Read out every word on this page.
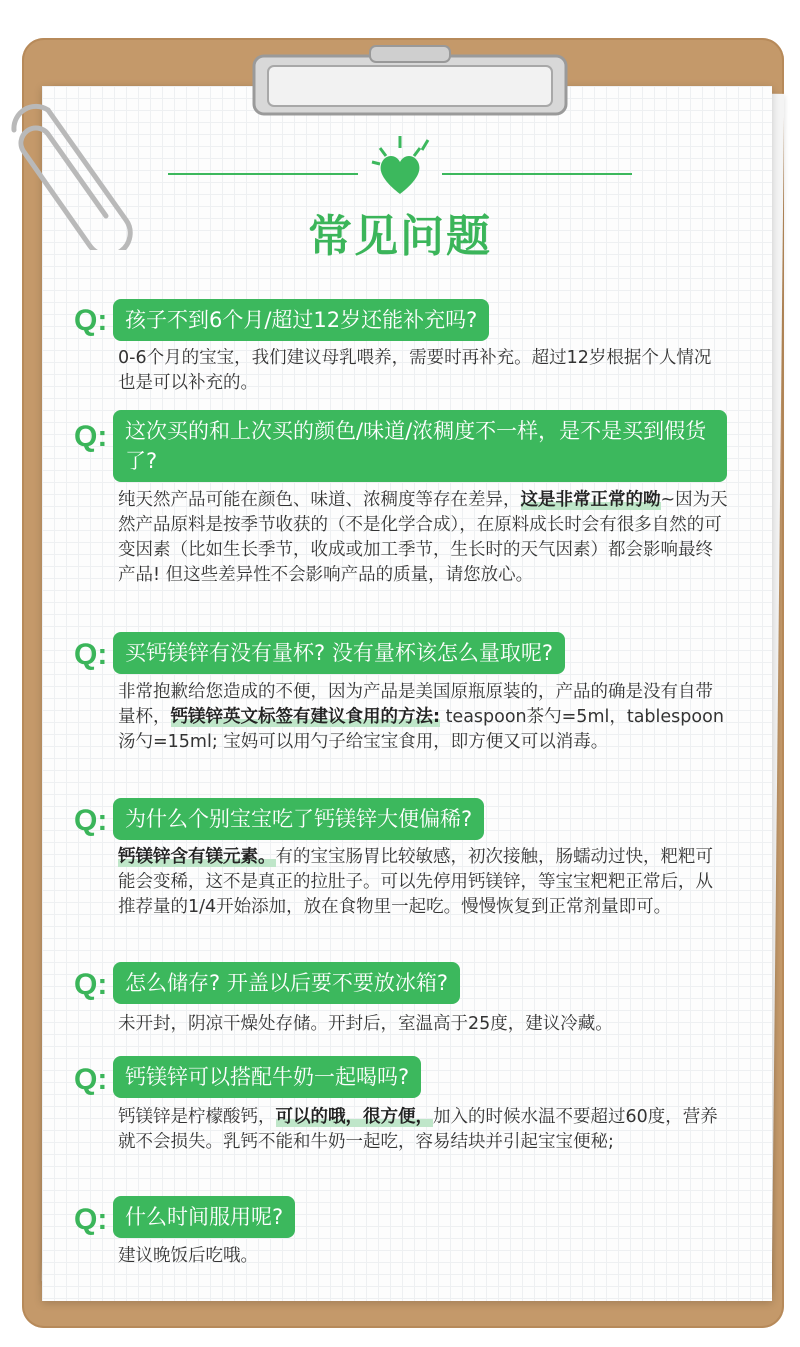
常见问题
Q: 孩子不到6个月/超过12岁还能补充吗?
0-6个月的宝宝，我们建议母乳喂养，需要时再补充。超过12岁根据个人情况也是可以补充的。
Q: 这次买的和上次买的颜色/味道/浓稠度不一样，是不是买到假货了?
纯天然产品可能在颜色、味道、浓稠度等存在差异，这是非常正常的呦~因为天然产品原料是按季节收获的（不是化学合成），在原料成长时会有很多自然的可变因素（比如生长季节，收成或加工季节，生长时的天气因素）都会影响最终产品! 但这些差异性不会影响产品的质量，请您放心。
Q: 买钙镁锌有没有量杯? 没有量杯该怎么量取呢?
非常抱歉给您造成的不便，因为产品是美国原瓶原装的，产品的确是没有自带量杯，钙镁锌英文标签有建议食用的方法: teaspoon茶勺=5ml，tablespoon汤勺=15ml; 宝妈可以用勺子给宝宝食用，即方便又可以消毒。
Q: 为什么个别宝宝吃了钙镁锌大便偏稀?
钙镁锌含有镁元素。有的宝宝肠胃比较敏感，初次接触，肠蠕动过快，粑粑可能会变稀，这不是真正的拉肚子。可以先停用钙镁锌，等宝宝粑粑正常后，从推荐量的1/4开始添加，放在食物里一起吃。慢慢恢复到正常剂量即可。
Q: 怎么储存? 开盖以后要不要放冰箱?
未开封，阴凉干燥处存储。开封后，室温高于25度，建议冷藏。
Q: 钙镁锌可以搭配牛奶一起喝吗?
钙镁锌是柠檬酸钙，可以的哦，很方便，加入的时候水温不要超过60度，营养就不会损失。乳钙不能和牛奶一起吃，容易结块并引起宝宝便秘;
Q: 什么时间服用呢?
建议晚饭后吃哦。
